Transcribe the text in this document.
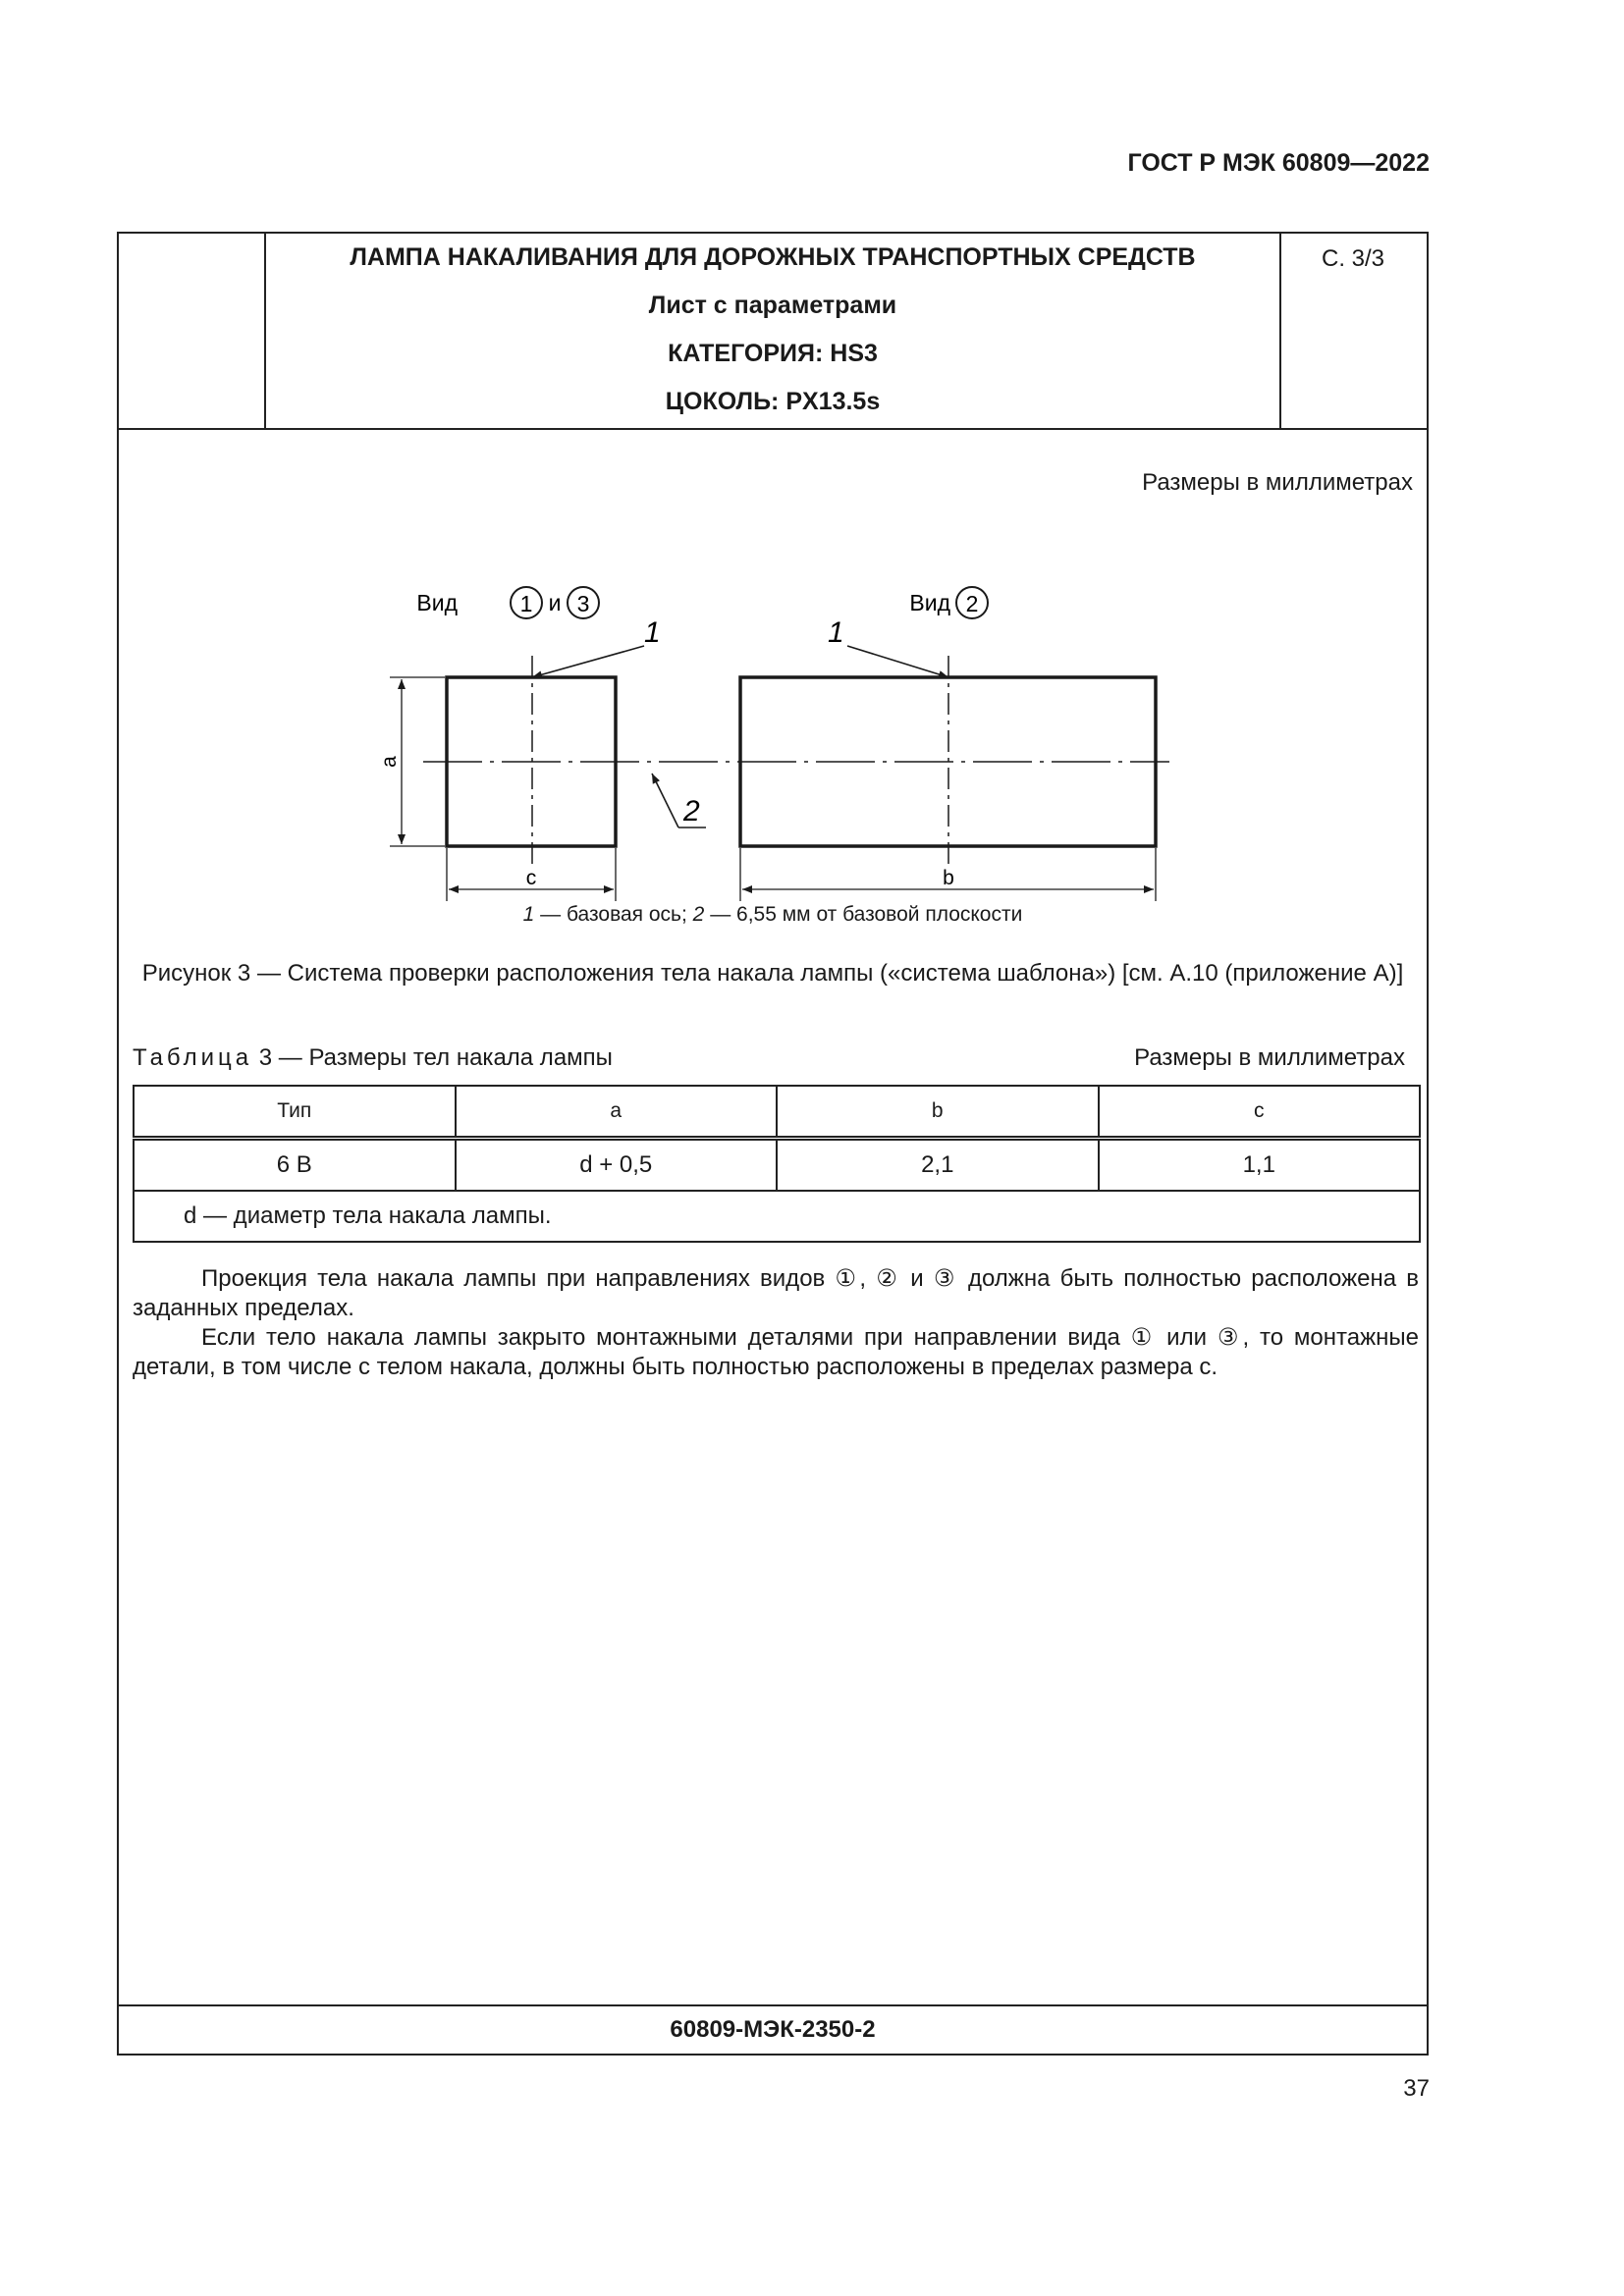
ГОСТ Р МЭК 60809—2022
ЛАМПА НАКАЛИВАНИЯ ДЛЯ ДОРОЖНЫХ ТРАНСПОРТНЫХ СРЕДСТВ
Лист с параметрами
КАТЕГОРИЯ: HS3
ЦОКОЛЬ: PX13.5s
С. 3/3
Размеры в миллиметрах
Вид	1 и 3	Вид 2
1	1
2
a
c	b
1 — базовая ось; 2 — 6,55 мм от базовой плоскости
Рисунок 3 — Система проверки расположения тела накала лампы («система шаблона») [см. А.10 (приложение А)]
Таблица 3 — Размеры тел накала лампы	Размеры в миллиметрах
Тип	a	b	c
6 В	d + 0,5	2,1	1,1
d — диаметр тела накала лампы.			

Проекция тела накала лампы при направлениях видов ①, ② и ③ должна быть полностью расположена в заданных пределах.

Если тело накала лампы закрыто монтажными деталями при направлении вида ① или ③, то монтажные детали, в том числе с телом накала, должны быть полностью расположены в пределах размера c.

60809-МЭК-2350-2
37
